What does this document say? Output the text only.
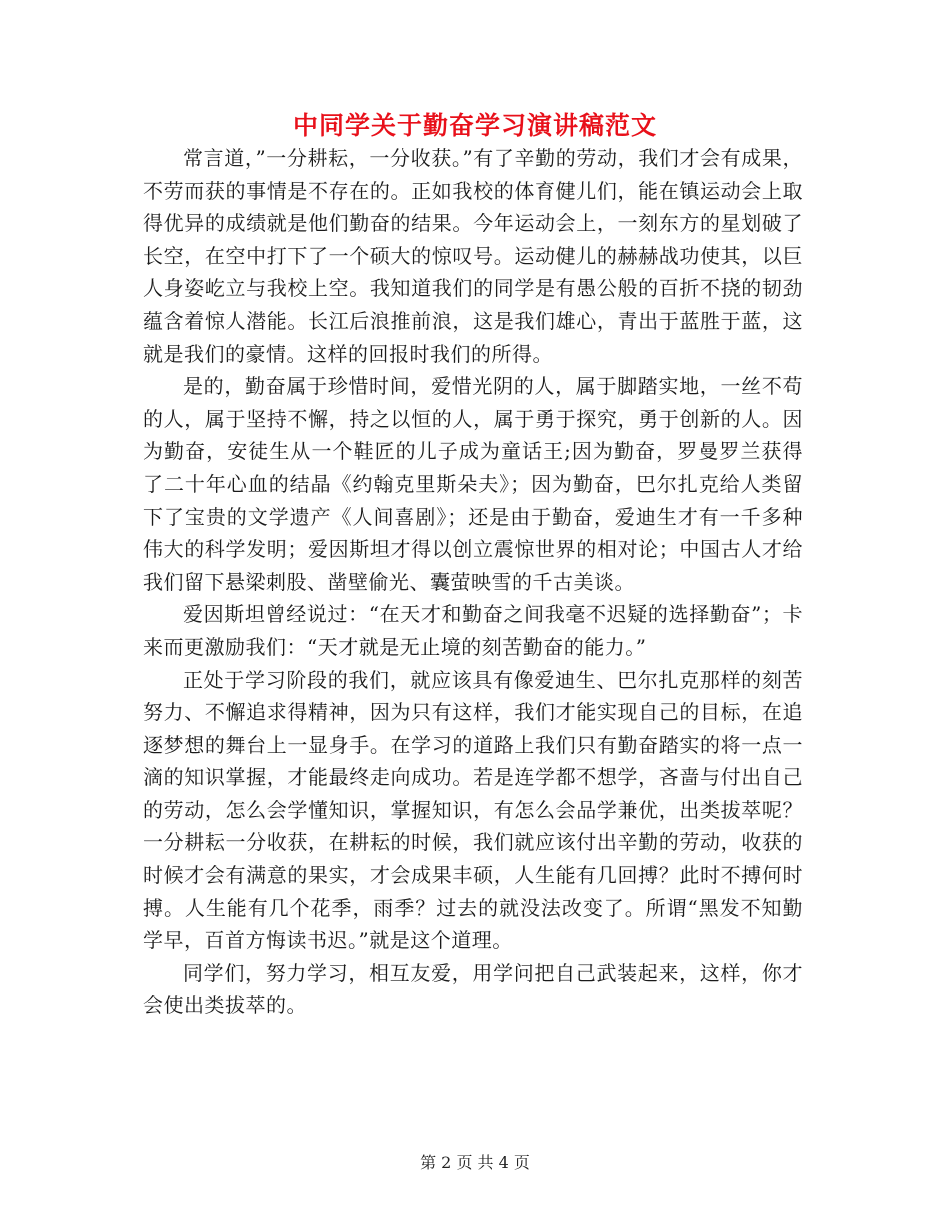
中同学关于勤奋学习演讲稿范文

常言道，”一分耕耘，一分收获。”有了辛勤的劳动，我们才会有成果，不劳而获的事情是不存在的。正如我校的体育健儿们，能在镇运动会上取得优异的成绩就是他们勤奋的结果。今年运动会上，一刻东方的星划破了长空，在空中打下了一个硕大的惊叹号。运动健儿的赫赫战功使其，以巨人身姿屹立与我校上空。我知道我们的同学是有愚公般的百折不挠的韧劲蕴含着惊人潜能。长江后浪推前浪，这是我们雄心，青出于蓝胜于蓝，这就是我们的豪情。这样的回报时我们的所得。

是的，勤奋属于珍惜时间，爱惜光阴的人，属于脚踏实地，一丝不苟的人，属于坚持不懈，持之以恒的人，属于勇于探究，勇于创新的人。因为勤奋，安徒生从一个鞋匠的儿子成为童话王;因为勤奋，罗曼罗兰获得了二十年心血的结晶《约翰克里斯朵夫》；因为勤奋，巴尔扎克给人类留下了宝贵的文学遗产《人间喜剧》；还是由于勤奋，爱迪生才有一千多种伟大的科学发明；爱因斯坦才得以创立震惊世界的相对论；中国古人才给我们留下悬梁刺股、凿壁偷光、囊萤映雪的千古美谈。

爱因斯坦曾经说过：“在天才和勤奋之间我毫不迟疑的选择勤奋”；卡来而更激励我们：“天才就是无止境的刻苦勤奋的能力。”

正处于学习阶段的我们，就应该具有像爱迪生、巴尔扎克那样的刻苦努力、不懈追求得精神，因为只有这样，我们才能实现自己的目标，在追逐梦想的舞台上一显身手。在学习的道路上我们只有勤奋踏实的将一点一滴的知识掌握，才能最终走向成功。若是连学都不想学，吝啬与付出自己的劳动，怎么会学懂知识，掌握知识，有怎么会品学兼优，出类拔萃呢？一分耕耘一分收获，在耕耘的时候，我们就应该付出辛勤的劳动，收获的时候才会有满意的果实，才会成果丰硕，人生能有几回搏？此时不搏何时搏。人生能有几个花季，雨季？过去的就没法改变了。所谓“黑发不知勤学早，百首方悔读书迟。”就是这个道理。

同学们，努力学习，相互友爱，用学问把自己武装起来，这样，你才会使出类拔萃的。

第 2 页 共 4 页
